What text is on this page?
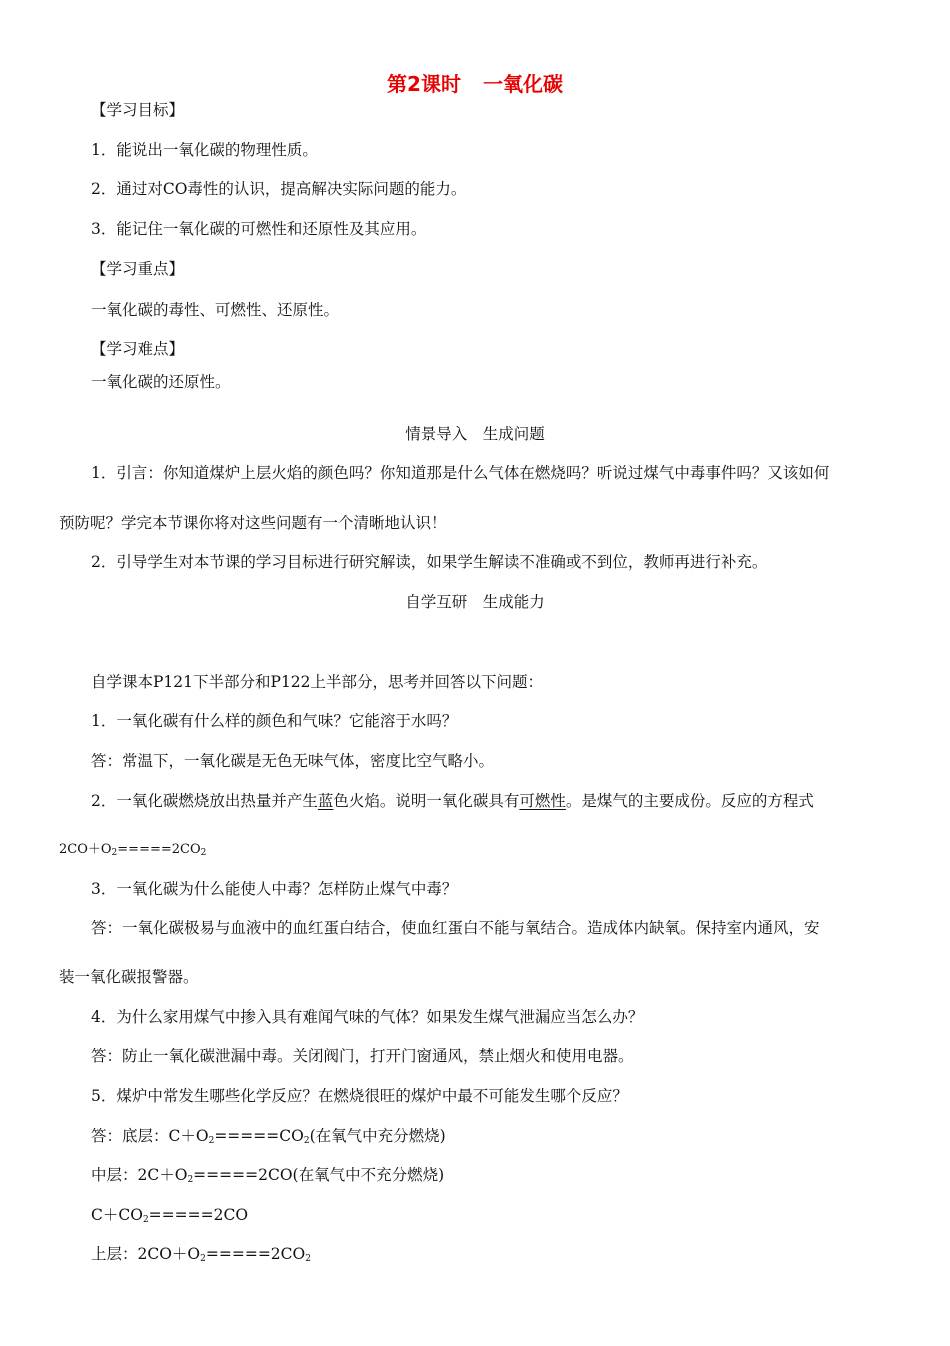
第2课时 一氧化碳
【学习目标】
1．能说出一氧化碳的物理性质。
2．通过对CO毒性的认识，提高解决实际问题的能力。
3．能记住一氧化碳的可燃性和还原性及其应用。
【学习重点】
一氧化碳的毒性、可燃性、还原性。
【学习难点】
一氧化碳的还原性。
情景导入　生成问题
1．引言：你知道煤炉上层火焰的颜色吗？你知道那是什么气体在燃烧吗？听说过煤气中毒事件吗？又该如何
预防呢？学完本节课你将对这些问题有一个清晰地认识！
2．引导学生对本节课的学习目标进行研究解读，如果学生解读不准确或不到位，教师再进行补充。
自学互研　生成能力
自学课本P121下半部分和P122上半部分，思考并回答以下问题：
1．一氧化碳有什么样的颜色和气味？它能溶于水吗？
答：常温下，一氧化碳是无色无味气体，密度比空气略小。
2．一氧化碳燃烧放出热量并产生蓝色火焰。说明一氧化碳具有可燃性。是煤气的主要成份。反应的方程式
$2CO+O_2=====2CO_2$
3．一氧化碳为什么能使人中毒？怎样防止煤气中毒？
答：一氧化碳极易与血液中的血红蛋白结合，使血红蛋白不能与氧结合。造成体内缺氧。保持室内通风，安
装一氧化碳报警器。
4．为什么家用煤气中掺入具有难闻气味的气体？如果发生煤气泄漏应当怎么办？
答：防止一氧化碳泄漏中毒。关闭阀门，打开门窗通风，禁止烟火和使用电器。
5．煤炉中常发生哪些化学反应？在燃烧很旺的煤炉中最不可能发生哪个反应？
答：底层：$C+O_2=====CO_2$(在氧气中充分燃烧)
中层：$2C+O_2=====2CO$(在氧气中不充分燃烧)
$C+CO_2=====2CO$
上层：$2CO+O_2=====2CO_2$
